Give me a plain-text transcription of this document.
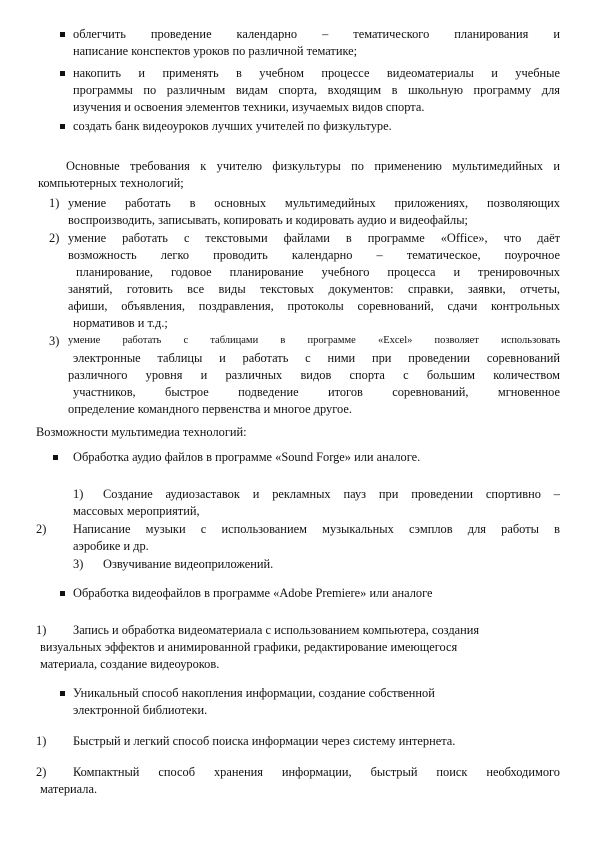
облегчить проведение календарно – тематического планирования и
написание конспектов уроков по различной тематике;
накопить и применять в учебном процессе видеоматериалы и учебные
программы по различным видам спорта, входящим в школьную программу для
изучения и освоения элементов техники, изучаемых видов спорта.
создать банк видеоуроков лучших учителей по физкультуре.
Основные требования к учителю физкультуры по применению мультимедийных и
компьютерных технологий;
1) умение работать в основных мультимедийных приложениях, позволяющих
воспроизводить, записывать, копировать и кодировать аудио и видеофайлы;
2) умение работать с текстовыми файлами в программе «Office», что даёт
возможность легко проводить календарно – тематическое, поурочное
планирование, годовое планирование учебного процесса и тренировочных
занятий, готовить все виды текстовых документов: справки, заявки, отчеты,
афиши, объявления, поздравления, протоколы соревнований, сдачи контрольных
нормативов и т.д.;
3) умение работать с таблицами в программе «Excel» позволяет использовать
электронные таблицы и работать с ними при проведении соревнований
различного уровня и различных видов спорта с большим количеством
участников, быстрое подведение итогов соревнований, мгновенное
определение командного первенства и многое другое.
Возможности мультимедиа технологий:
Обработка аудио файлов в программе «Sound Forge» или аналоге.
1) Создание аудиозаставок и рекламных пауз при проведении спортивно –
массовых мероприятий,
2) Написание музыки с использованием музыкальных сэмплов для работы в
аэробике и др.
3) Озвучивание видеоприложений.
Обработка видеофайлов в программе «Adobe Premiere» или аналоге
1) Запись и обработка видеоматериала с использованием компьютера, создания
визуальных эффектов и анимированной графики, редактирование имеющегося
материала, создание видеоуроков.
Уникальный способ накопления информации, создание собственной
электронной библиотеки.
1) Быстрый и легкий способ поиска информации через систему интернета.
2) Компактный способ хранения информации, быстрый поиск необходимого
материала.
